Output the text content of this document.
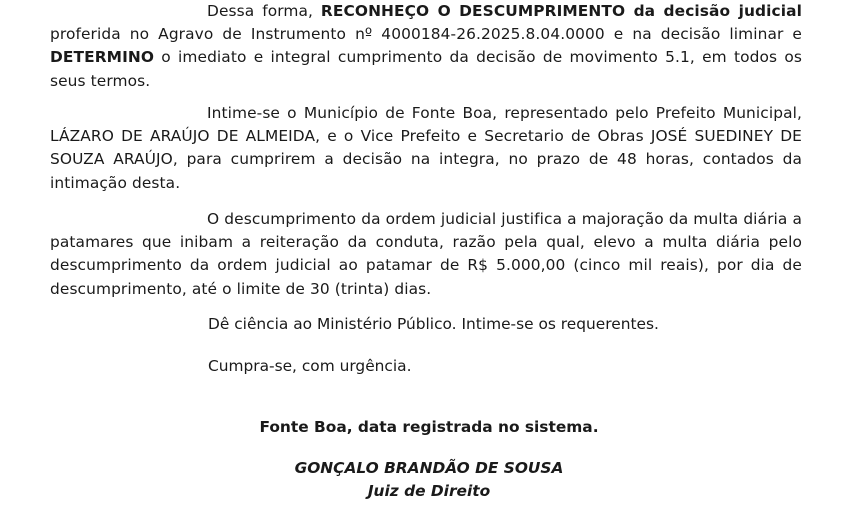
Dessa forma, RECONHEÇO O DESCUMPRIMENTO da decisão judicial proferida no Agravo de Instrumento nº 4000184-26.2025.8.04.0000 e na decisão liminar e DETERMINO o imediato e integral cumprimento da decisão de movimento 5.1, em todos os seus termos.

Intime-se o Município de Fonte Boa, representado pelo Prefeito Municipal, LÁZARO DE ARAÚJO DE ALMEIDA, e o Vice Prefeito e Secretario de Obras JOSÉ SUEDINEY DE SOUZA ARAÚJO, para cumprirem a decisão na integra, no prazo de 48 horas, contados da intimação desta.

O descumprimento da ordem judicial justifica a majoração da multa diária a patamares que inibam a reiteração da conduta, razão pela qual, elevo a multa diária pelo descumprimento da ordem judicial ao patamar de R$ 5.000,00 (cinco mil reais), por dia de descumprimento, até o limite de 30 (trinta) dias.

Dê ciência ao Ministério Público. Intime-se os requerentes.

Cumpra-se, com urgência.

Fonte Boa, data registrada no sistema.

GONÇALO BRANDÃO DE SOUSA

Juiz de Direito
